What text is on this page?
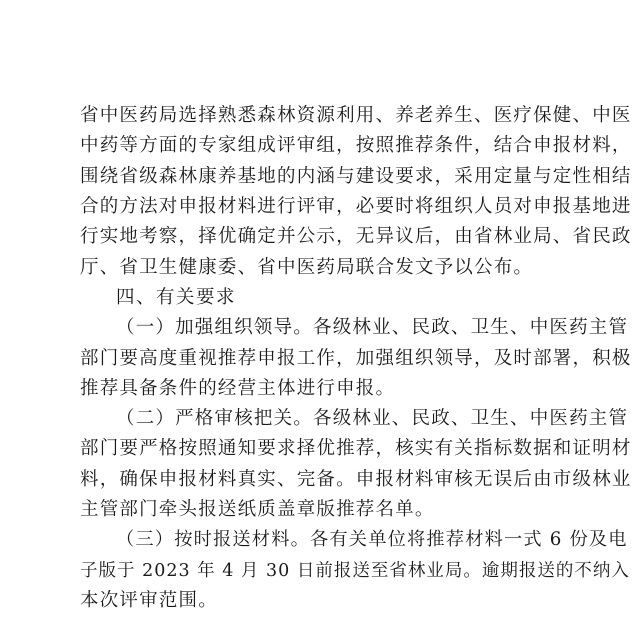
省中医药局选择熟悉森林资源利用、养老养生、医疗保健、中医
中药等方面的专家组成评审组，按照推荐条件，结合申报材料，
围绕省级森林康养基地的内涵与建设要求，采用定量与定性相结
合的方法对申报材料进行评审，必要时将组织人员对申报基地进
行实地考察，择优确定并公示，无异议后，由省林业局、省民政
厅、省卫生健康委、省中医药局联合发文予以公布。
四、有关要求
（一）加强组织领导。各级林业、民政、卫生、中医药主管
部门要高度重视推荐申报工作，加强组织领导，及时部署，积极
推荐具备条件的经营主体进行申报。
（二）严格审核把关。各级林业、民政、卫生、中医药主管
部门要严格按照通知要求择优推荐，核实有关指标数据和证明材
料，确保申报材料真实、完备。申报材料审核无误后由市级林业
主管部门牵头报送纸质盖章版推荐名单。
（三）按时报送材料。各有关单位将推荐材料一式 6 份及电
子版于 2023 年 4 月 30 日前报送至省林业局。逾期报送的不纳入
本次评审范围。
